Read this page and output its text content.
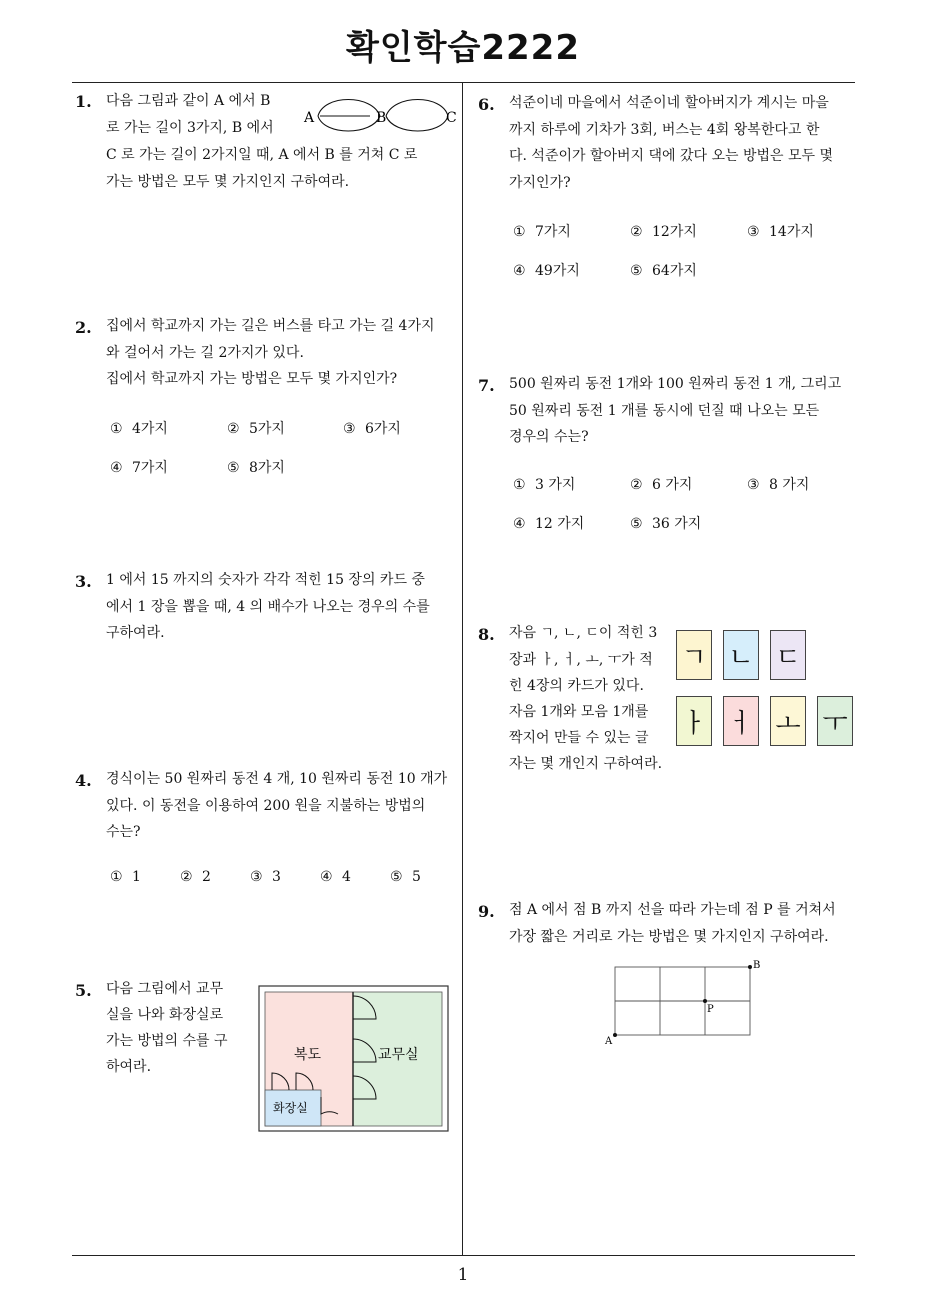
확인학습2222
1
1. 다음 그림과 같이 A 에서 B
로 가는 길이 3가지, B 에서
C 로 가는 길이 2가지일 때, A 에서 B 를 거쳐 C 로
가는 방법은 모두 몇 가지인지 구하여라.
A	B	C
2. 집에서 학교까지 가는 길은 버스를 타고 가는 길 4가지
와 걸어서 가는 길 2가지가 있다.
집에서 학교까지 가는 방법은 모두 몇 가지인가?
① 4가지	② 5가지	③ 6가지
④ 7가지	⑤ 8가지
3. 1 에서 15 까지의 숫자가 각각 적힌 15 장의 카드 중
에서 1 장을 뽑을 때, 4 의 배수가 나오는 경우의 수를
구하여라.
4. 경식이는 50 원짜리 동전 4 개, 10 원짜리 동전 10 개가
있다. 이 동전을 이용하여 200 원을 지불하는 방법의
수는?
① 1	② 2	③ 3	④ 4	⑤ 5
5. 다음 그림에서 교무
실을 나와 화장실로
가는 방법의 수를 구
하여라.
복도	교무실
화장실
6. 석준이네 마을에서 석준이네 할아버지가 계시는 마을
까지 하루에 기차가 3회, 버스는 4회 왕복한다고 한
다. 석준이가 할아버지 댁에 갔다 오는 방법은 모두 몇
가지인가?
① 7가지	② 12가지	③ 14가지
④ 49가지	⑤ 64가지
7. 500 원짜리 동전 1개와 100 원짜리 동전 1 개, 그리고
50 원짜리 동전 1 개를 동시에 던질 때 나오는 모든
경우의 수는?
① 3 가지	② 6 가지	③ 8 가지
④ 12 가지	⑤ 36 가지
8. 자음 ㄱ, ㄴ, ㄷ이 적힌 3
장과 ㅏ, ㅓ, ㅗ, ㅜ가 적
힌 4장의 카드가 있다.
자음 1개와 모음 1개를
짝지어 만들 수 있는 글
자는 몇 개인지 구하여라.
ㄱ ㄴ ㄷ
ㅏ ㅓ ㅗ ㅜ
9. 점 A 에서 점 B 까지 선을 따라 가는데 점 P 를 거쳐서
가장 짧은 거리로 가는 방법은 몇 가지인지 구하여라.
A
B
P
